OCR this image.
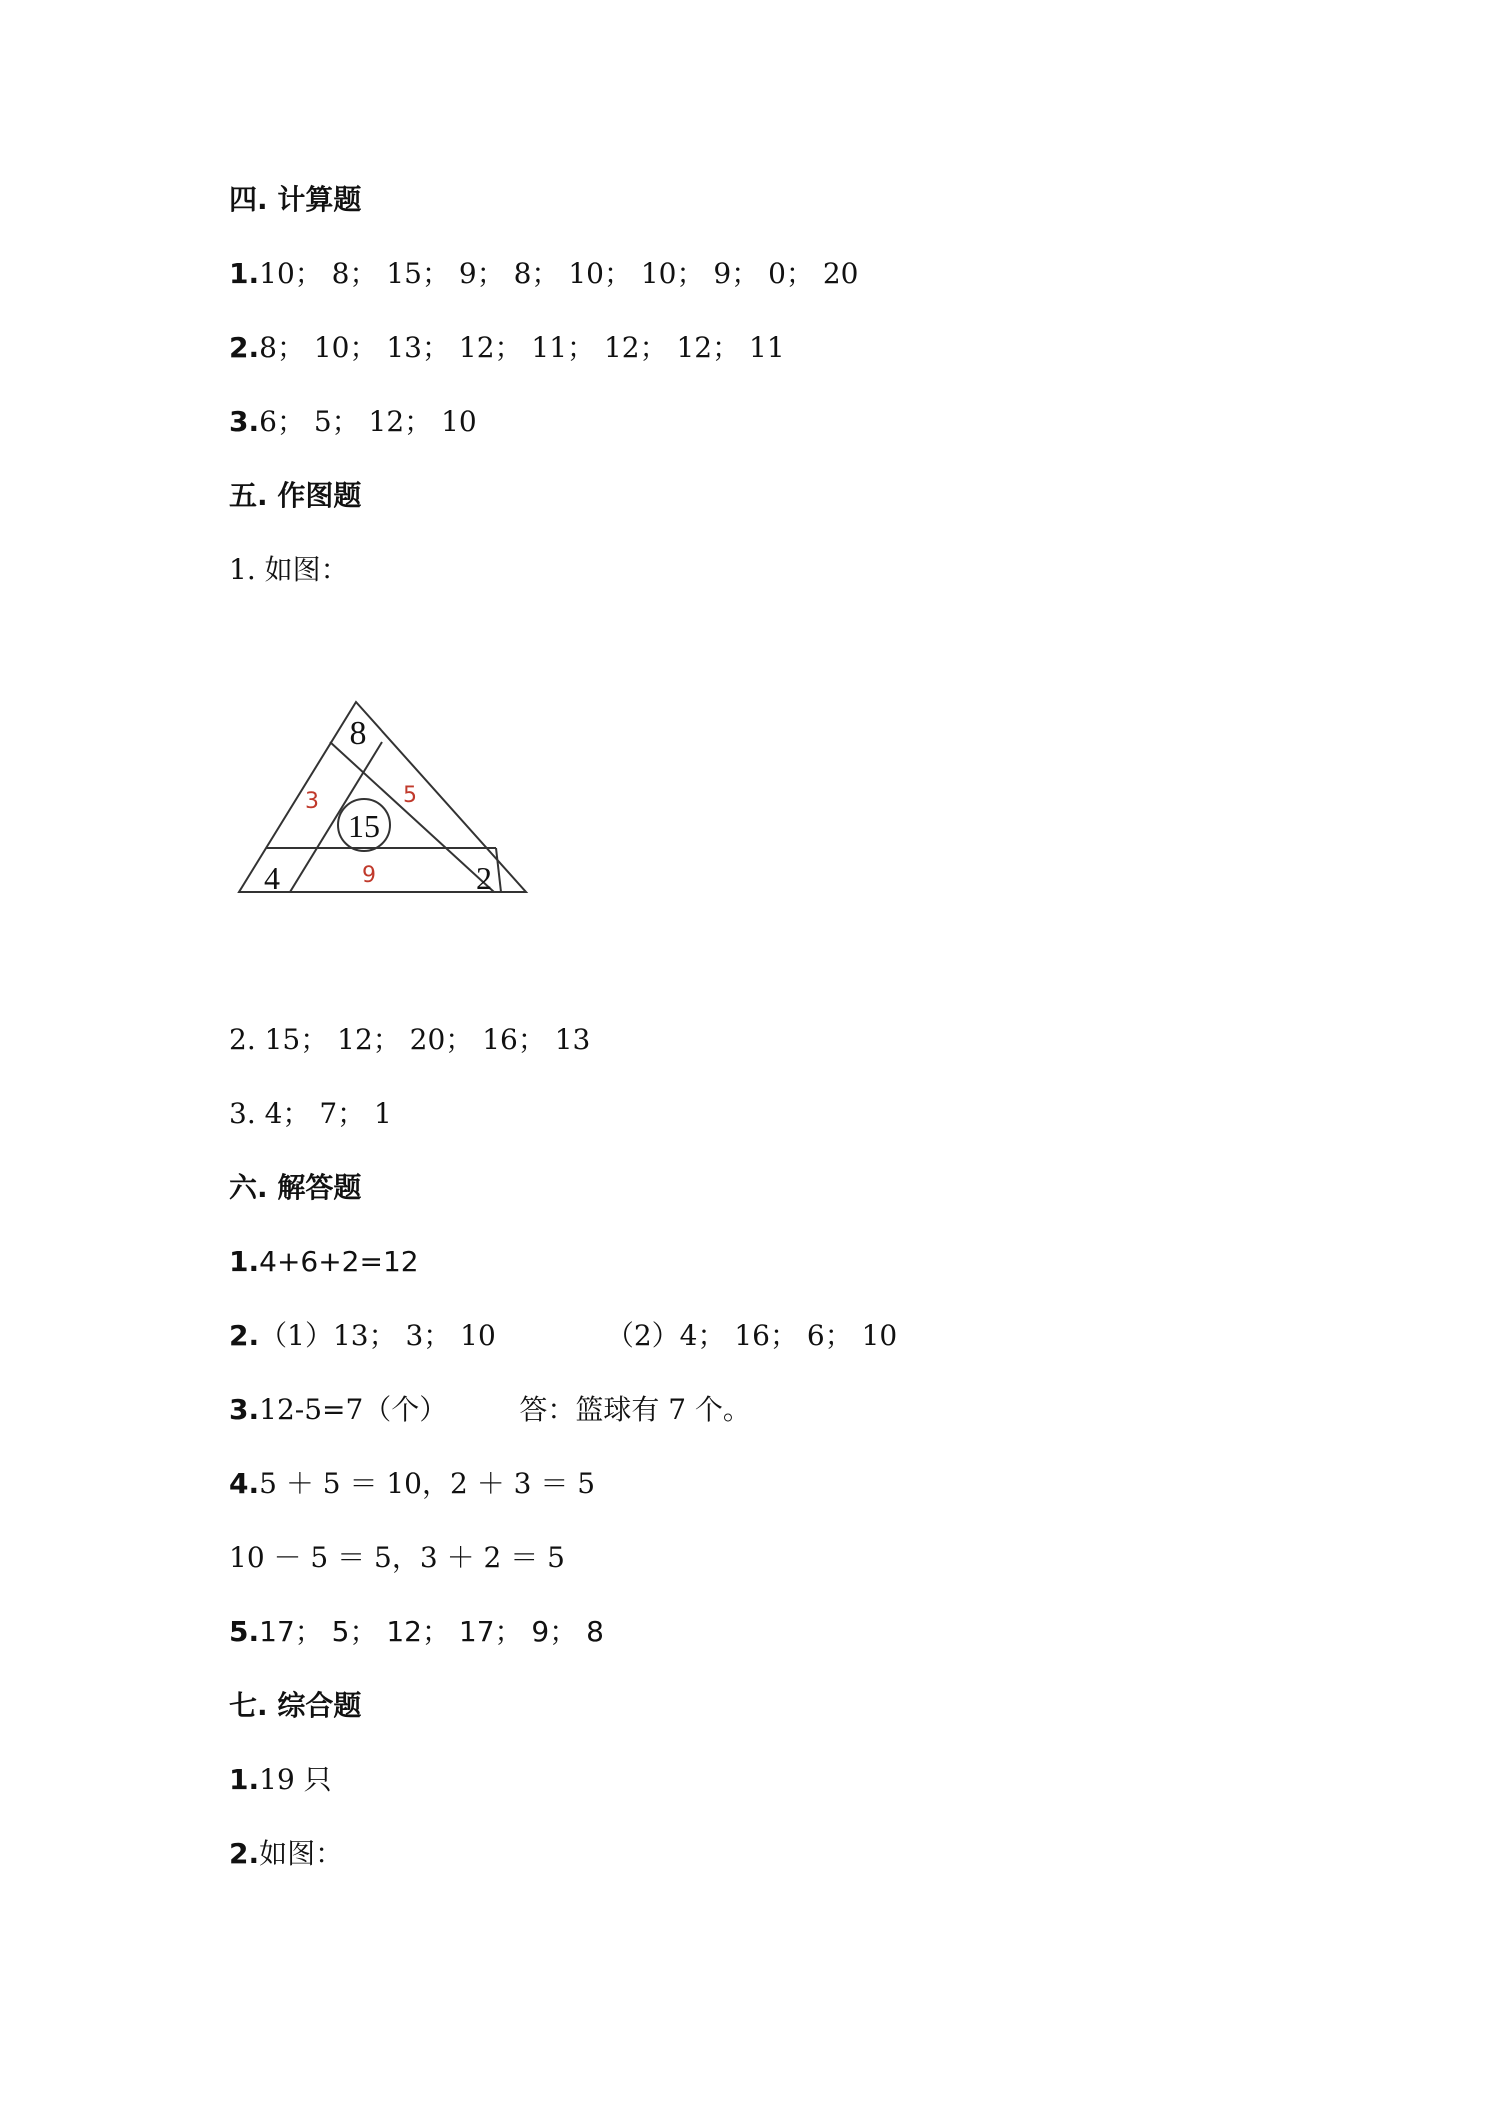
四. 计算题
1.10； 8； 15； 9； 8； 10； 10； 9； 0； 20
2.8； 10； 13； 12； 11； 12； 12； 11
3.6； 5； 12； 10
五. 作图题
1. 如图：
8
15
4	2
3	5
9
2. 15； 12； 20； 16； 13
3. 4； 7； 1
六. 解答题
1.4+6+2=12
2.（1）13； 3； 10	（2）4； 16； 6； 10
3.12-5=7（个）	答：篮球有 7 个。
4.5 ＋ 5 ＝ 10，2 ＋ 3 ＝ 5
10 － 5 ＝ 5，3 ＋ 2 ＝ 5
5.17； 5； 12； 17； 9； 8
七. 综合题
1.19 只
2.如图：
